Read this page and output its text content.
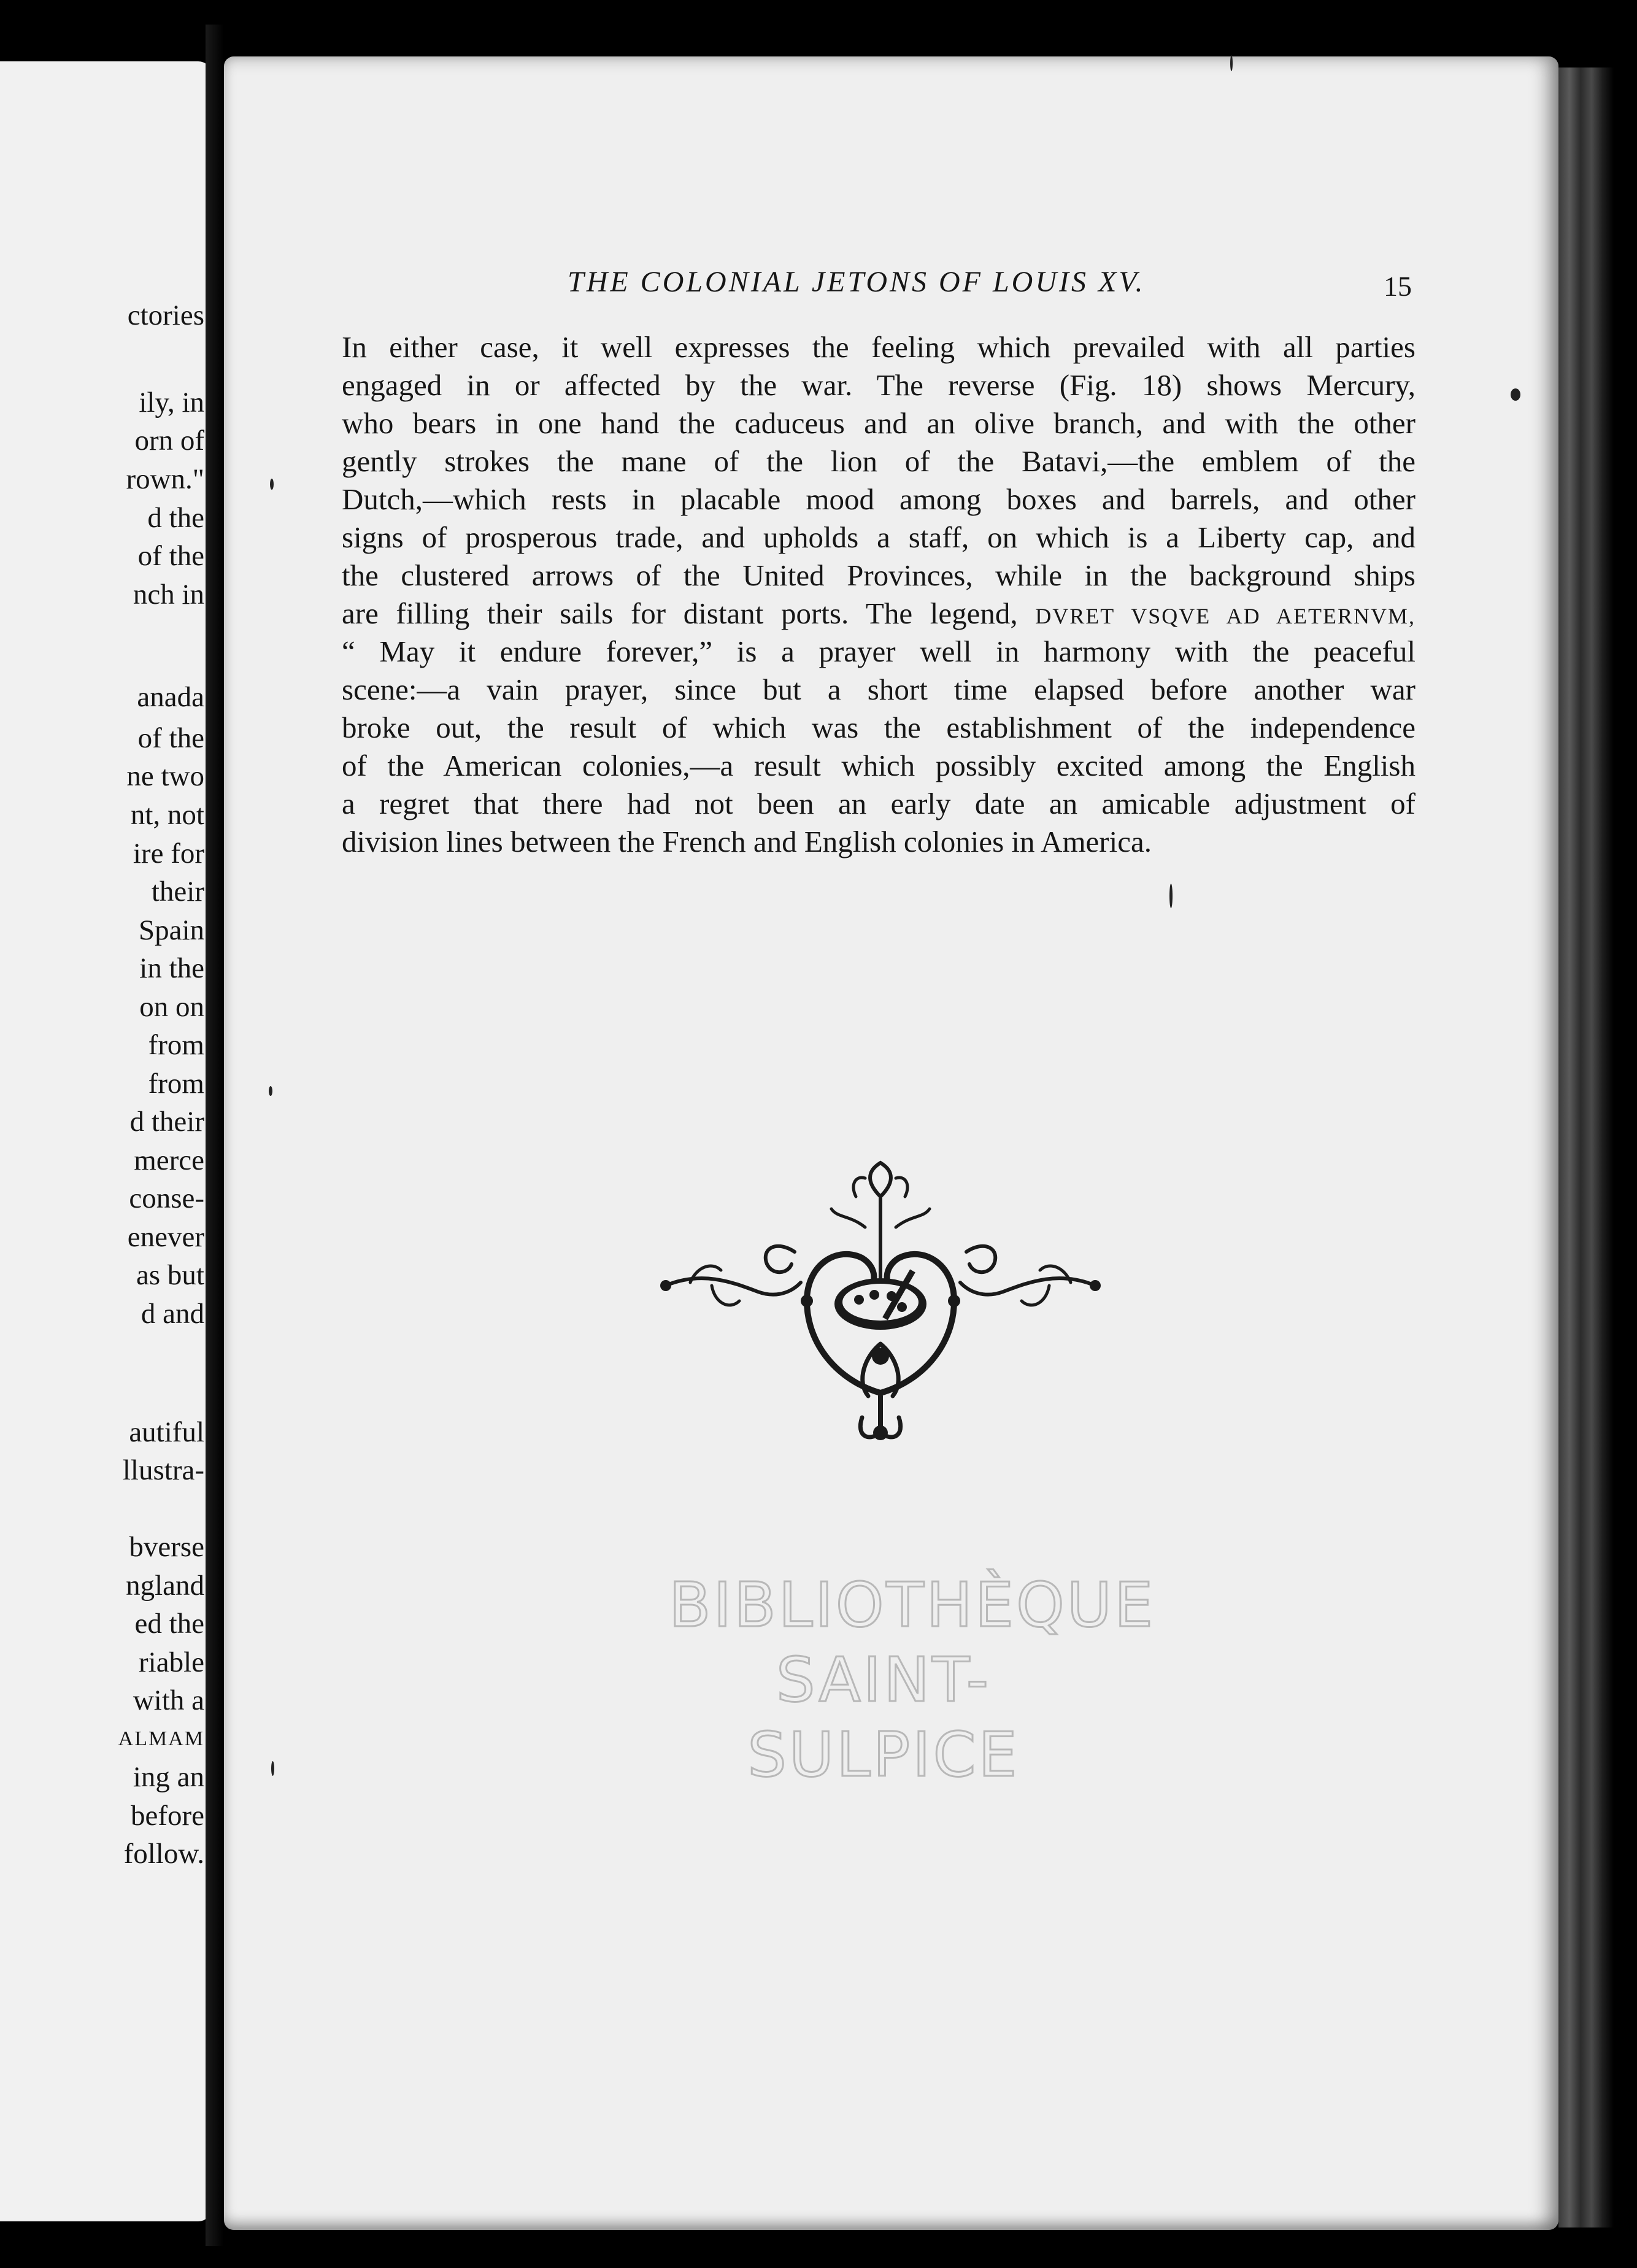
ctories
ily, in
orn of
rown."
d the
of the
nch in
anada
of the
ne two
nt, not
ire for
their
Spain
in the
on on
from
from
d their
merce
conse-
enever
as but
d and
autiful
llustra-
bverse
ngland
ed the
riable
with a
ALMAM
ing an
before
follow.
THE COLONIAL JETONS OF LOUIS XV.	15
In either case, it well expresses the feeling which prevailed with all parties
engaged in or affected by the war. The reverse (Fig. 18) shows Mercury,
who bears in one hand the caduceus and an olive branch, and with the other
gently strokes the mane of the lion of the Batavi,—the emblem of the
Dutch,—which rests in placable mood among boxes and barrels, and other
signs of prosperous trade, and upholds a staff, on which is a Liberty cap, and
the clustered arrows of the United Provinces, while in the background ships
are filling their sails for distant ports. The legend, DVRET VSQVE AD AETERNVM,
“ May it endure forever,” is a prayer well in harmony with the peaceful
scene:—a vain prayer, since but a short time elapsed before another war
broke out, the result of which was the establishment of the independence
of the American colonies,—a result which possibly excited among the English
a regret that there had not been an early date an amicable adjustment of
division lines between the French and English colonies in America.
BIBLIOTHÈQUE
SAINT-SULPICE
